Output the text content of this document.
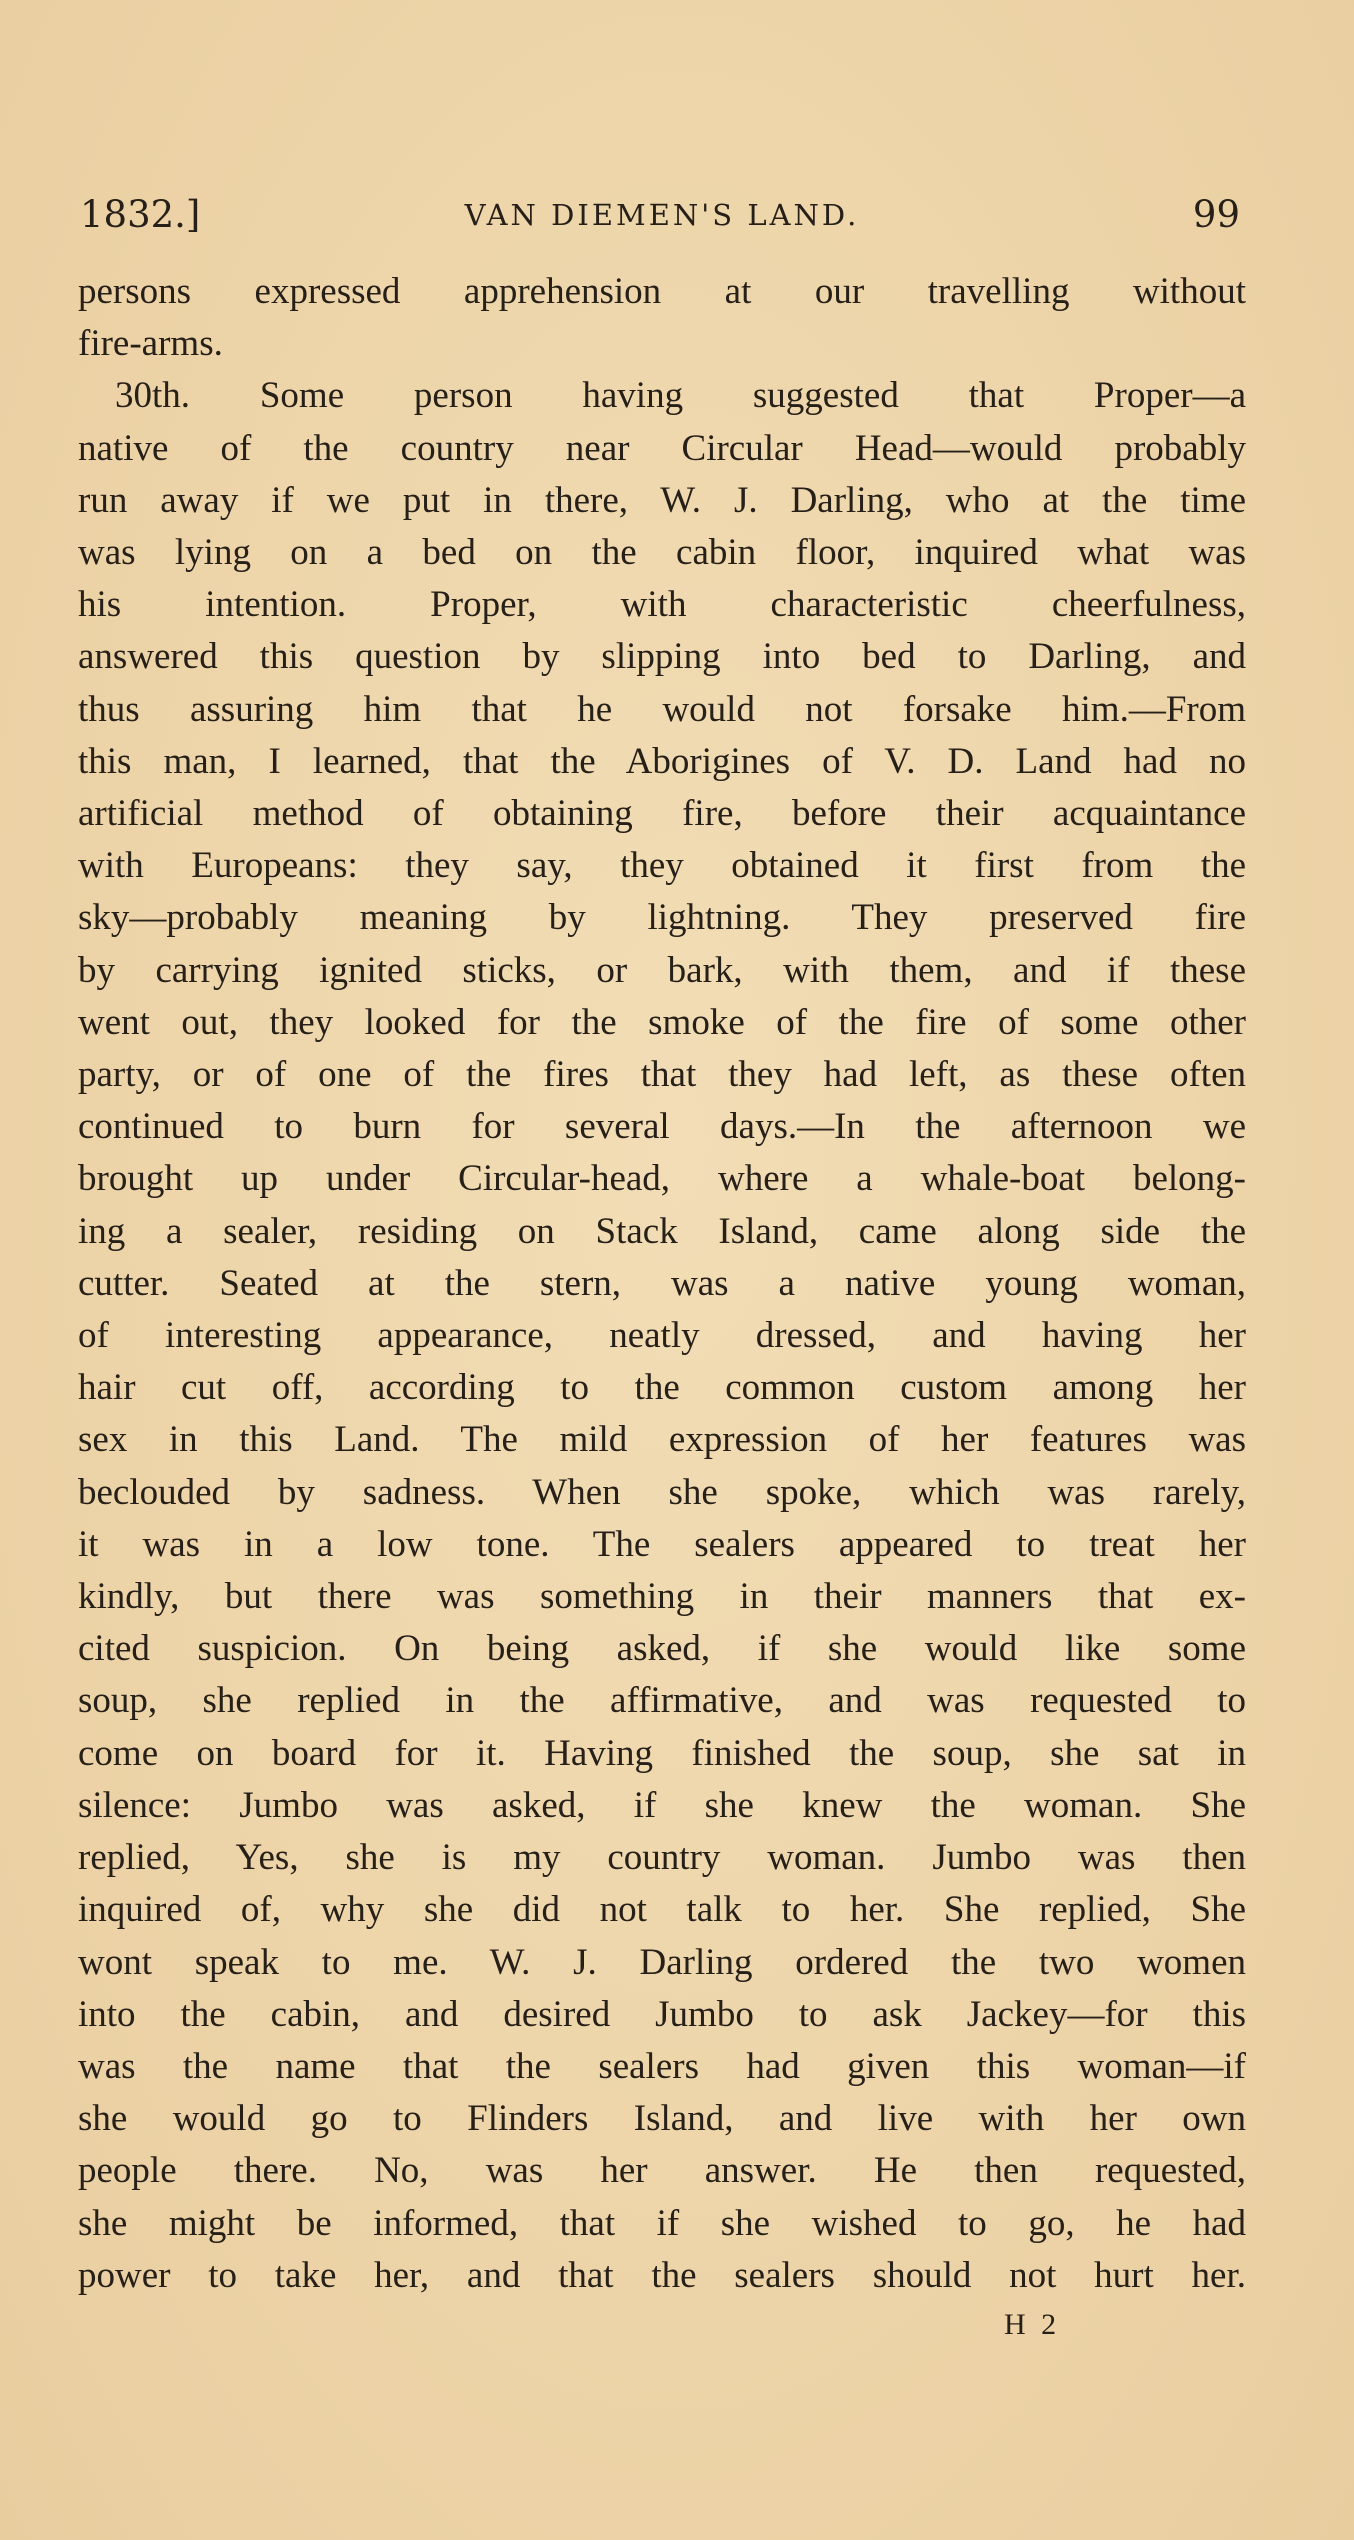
1832.]	VAN DIEMEN'S LAND.	99
persons expressed apprehension at our travelling without
fire-arms.
30th. Some person having suggested that Proper—a
native of the country near Circular Head—would probably
run away if we put in there, W. J. Darling, who at the time
was lying on a bed on the cabin floor, inquired what was
his intention. Proper, with characteristic cheerfulness,
answered this question by slipping into bed to Darling, and
thus assuring him that he would not forsake him.—From
this man, I learned, that the Aborigines of V. D. Land had no
artificial method of obtaining fire, before their acquaintance
with Europeans: they say, they obtained it first from the
sky—probably meaning by lightning. They preserved fire
by carrying ignited sticks, or bark, with them, and if these
went out, they looked for the smoke of the fire of some other
party, or of one of the fires that they had left, as these often
continued to burn for several days.—In the afternoon we
brought up under Circular-head, where a whale-boat belong-
ing a sealer, residing on Stack Island, came along side the
cutter. Seated at the stern, was a native young woman,
of interesting appearance, neatly dressed, and having her
hair cut off, according to the common custom among her
sex in this Land. The mild expression of her features was
beclouded by sadness. When she spoke, which was rarely,
it was in a low tone. The sealers appeared to treat her
kindly, but there was something in their manners that ex-
cited suspicion. On being asked, if she would like some
soup, she replied in the affirmative, and was requested to
come on board for it. Having finished the soup, she sat in
silence: Jumbo was asked, if she knew the woman. She
replied, Yes, she is my country woman. Jumbo was then
inquired of, why she did not talk to her. She replied, She
wont speak to me. W. J. Darling ordered the two women
into the cabin, and desired Jumbo to ask Jackey—for this
was the name that the sealers had given this woman—if
she would go to Flinders Island, and live with her own
people there. No, was her answer. He then requested,
she might be informed, that if she wished to go, he had
power to take her, and that the sealers should not hurt her.
H 2
